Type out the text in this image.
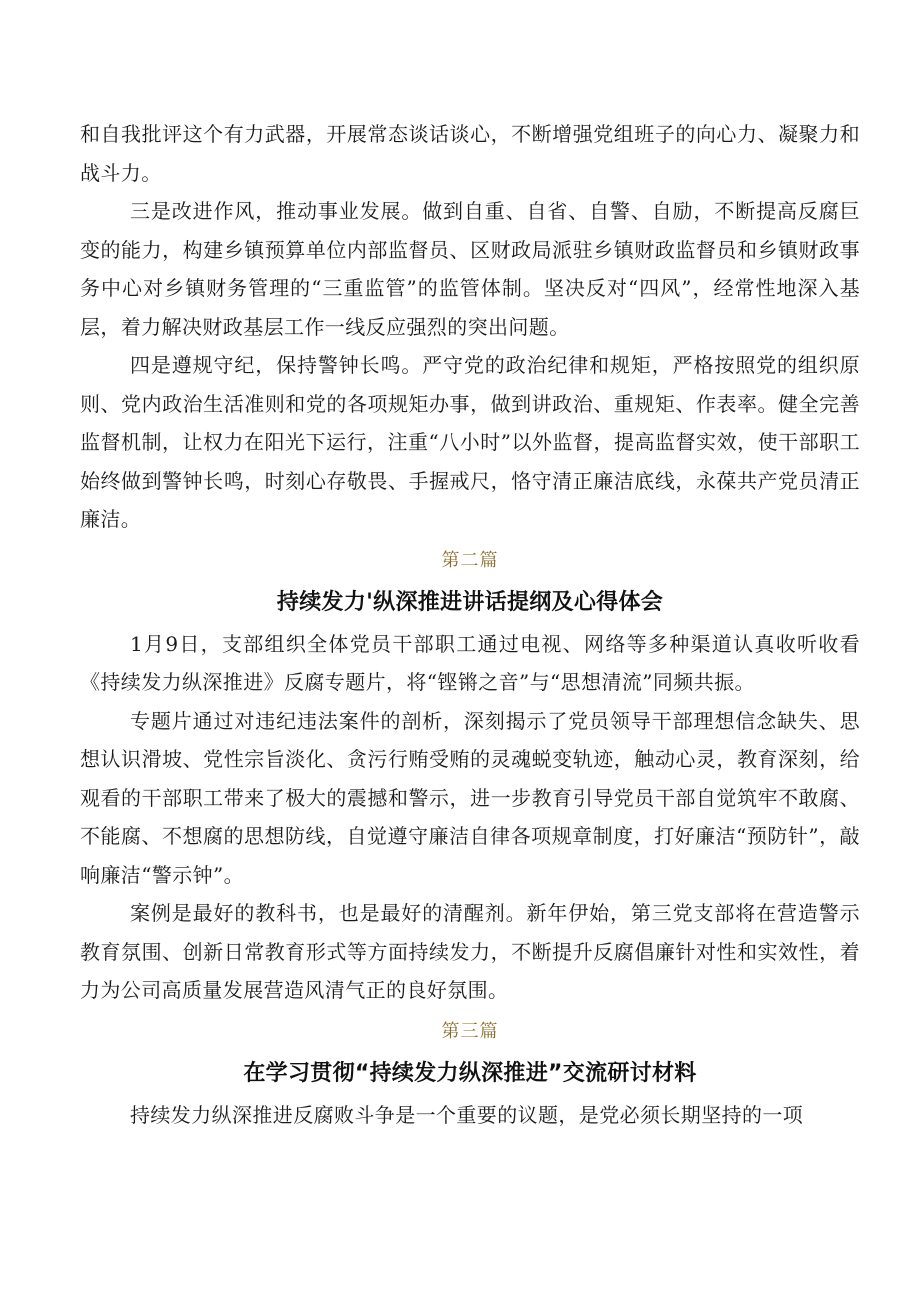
和自我批评这个有力武器，开展常态谈话谈心，不断增强党组班子的向心力、凝聚力和战斗力。

三是改进作风，推动事业发展。做到自重、自省、自警、自励，不断提高反腐巨变的能力，构建乡镇预算单位内部监督员、区财政局派驻乡镇财政监督员和乡镇财政事务中心对乡镇财务管理的“三重监管”的监管体制。坚决反对“四风”，经常性地深入基层，着力解决财政基层工作一线反应强烈的突出问题。

四是遵规守纪，保持警钟长鸣。严守党的政治纪律和规矩，严格按照党的组织原则、党内政治生活准则和党的各项规矩办事，做到讲政治、重规矩、作表率。健全完善监督机制，让权力在阳光下运行，注重“八小时”以外监督，提高监督实效，使干部职工始终做到警钟长鸣，时刻心存敬畏、手握戒尺，恪守清正廉洁底线，永葆共产党员清正廉洁。

第二篇
持续发力'纵深推进讲话提纲及心得体会

1月9日，支部组织全体党员干部职工通过电视、网络等多种渠道认真收听收看《持续发力纵深推进》反腐专题片，将“铿锵之音”与“思想清流”同频共振。

专题片通过对违纪违法案件的剖析，深刻揭示了党员领导干部理想信念缺失、思想认识滑坡、党性宗旨淡化、贪污行贿受贿的灵魂蜕变轨迹，触动心灵，教育深刻，给观看的干部职工带来了极大的震撼和警示，进一步教育引导党员干部自觉筑牢不敢腐、不能腐、不想腐的思想防线，自觉遵守廉洁自律各项规章制度，打好廉洁“预防针”，敲响廉洁“警示钟”。

案例是最好的教科书，也是最好的清醒剂。新年伊始，第三党支部将在营造警示教育氛围、创新日常教育形式等方面持续发力，不断提升反腐倡廉针对性和实效性，着力为公司高质量发展营造风清气正的良好氛围。

第三篇
在学习贯彻“持续发力纵深推进”交流研讨材料

持续发力纵深推进反腐败斗争是一个重要的议题，是党必须长期坚持的一项
